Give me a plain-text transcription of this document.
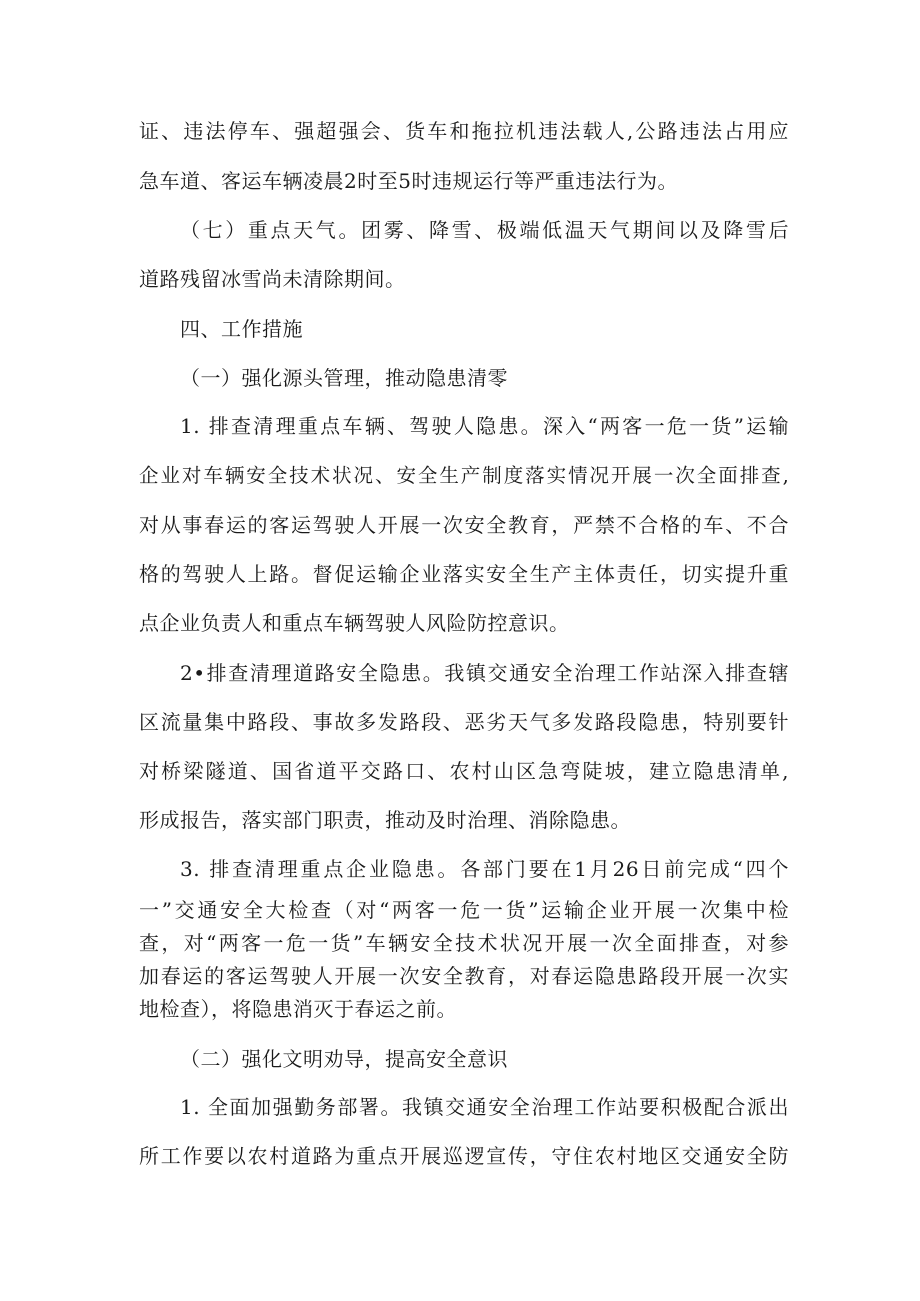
证、违法停车、强超强会、货车和拖拉机违法载人,公路违法占用应
急车道、客运车辆凌晨2时至5时违规运行等严重违法行为。
（七）重点天气。团雾、降雪、极端低温天气期间以及降雪后
道路残留冰雪尚未清除期间。
四、工作措施
（一）强化源头管理，推动隐患清零
1. 排查清理重点车辆、驾驶人隐患。深入“两客一危一货”运输
企业对车辆安全技术状况、安全生产制度落实情况开展一次全面排查,
对从事春运的客运驾驶人开展一次安全教育，严禁不合格的车、不合
格的驾驶人上路。督促运输企业落实安全生产主体责任，切实提升重
点企业负责人和重点车辆驾驶人风险防控意识。
2•排查清理道路安全隐患。我镇交通安全治理工作站深入排查辖
区流量集中路段、事故多发路段、恶劣天气多发路段隐患，特别要针
对桥梁隧道、国省道平交路口、农村山区急弯陡坡，建立隐患清单,
形成报告，落实部门职责，推动及时治理、消除隐患。
3. 排查清理重点企业隐患。各部门要在1月26日前完成“四个
一”交通安全大检查（对“两客一危一货”运输企业开展一次集中检
查，对“两客一危一货”车辆安全技术状况开展一次全面排查，对参
加春运的客运驾驶人开展一次安全教育，对春运隐患路段开展一次实
地检查），将隐患消灭于春运之前。
（二）强化文明劝导，提高安全意识
1. 全面加强勤务部署。我镇交通安全治理工作站要积极配合派出
所工作要以农村道路为重点开展巡逻宣传，守住农村地区交通安全防
